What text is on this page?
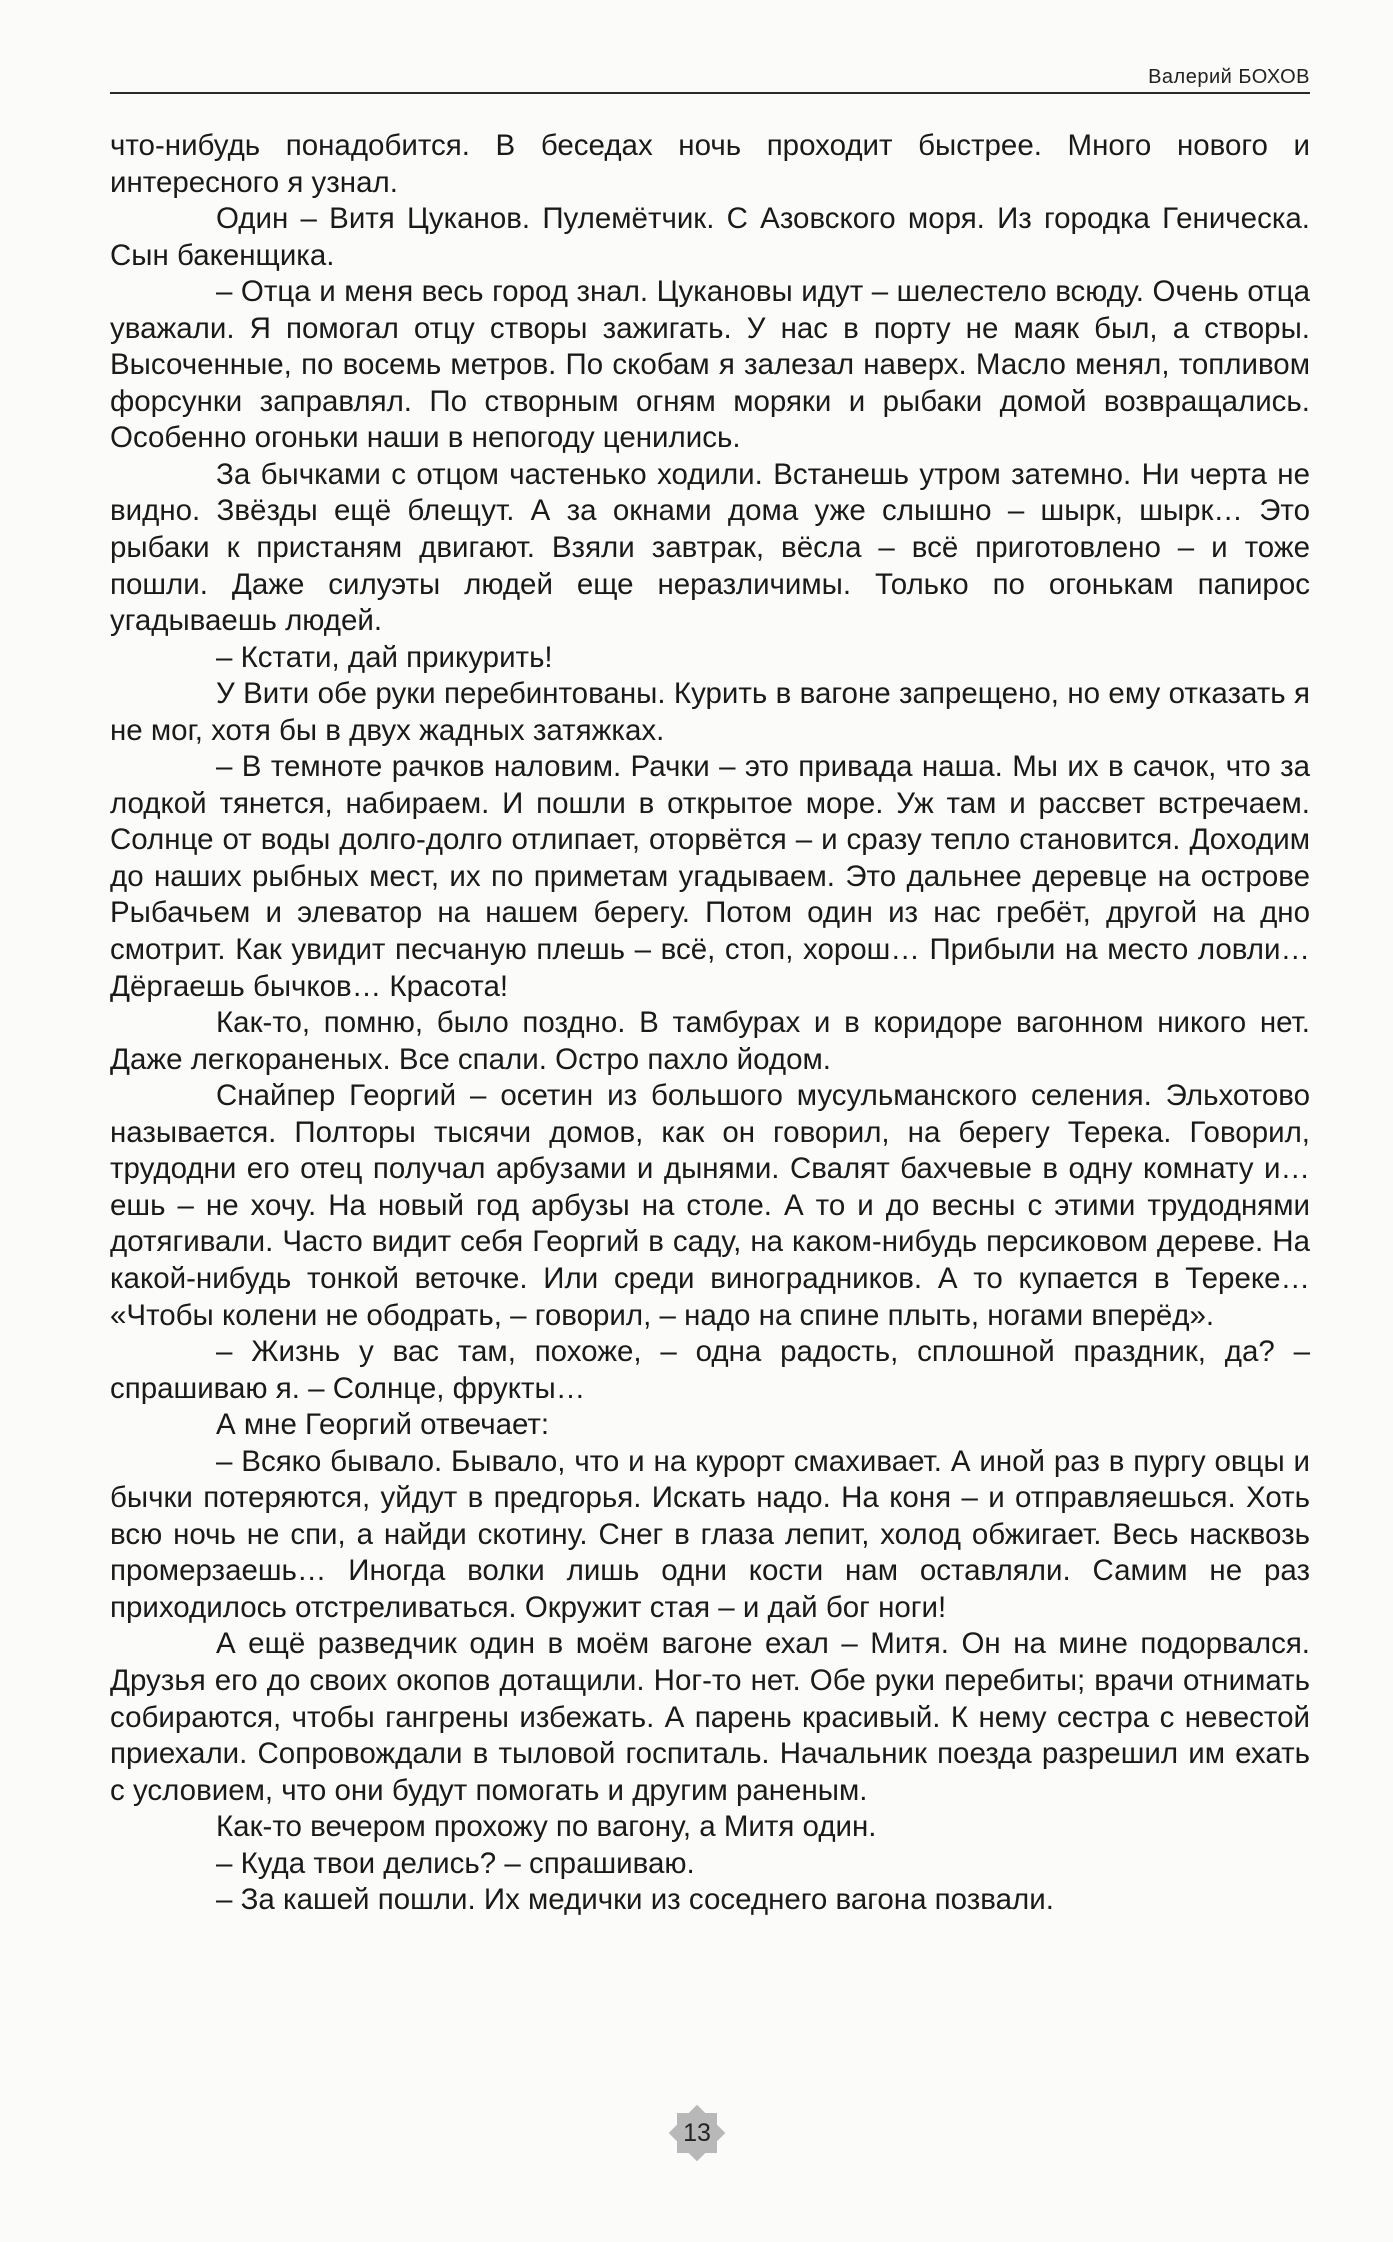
Валерий БОХОВ

что-нибудь понадобится. В беседах ночь проходит быстрее. Много нового и интересного я узнал.

Один – Витя Цуканов. Пулемётчик. С Азовского моря. Из городка Геническа. Сын бакенщика.

– Отца и меня весь город знал. Цукановы идут – шелестело всюду. Очень отца уважали. Я помогал отцу створы зажигать. У нас в порту не маяк был, а створы. Высоченные, по восемь метров. По скобам я залезал наверх. Масло менял, топливом форсунки заправлял. По створным огням моряки и рыбаки домой возвращались. Особенно огоньки наши в непогоду ценились.

За бычками с отцом частенько ходили. Встанешь утром затемно. Ни черта не видно. Звёзды ещё блещут. А за окнами дома уже слышно – шырк, шырк… Это рыбаки к пристаням двигают. Взяли завтрак, вёсла – всё приготовлено – и тоже пошли. Даже силуэты людей еще неразличимы. Только по огонькам папирос угадываешь людей.

– Кстати, дай прикурить!

У Вити обе руки перебинтованы. Курить в вагоне запрещено, но ему отказать я не мог, хотя бы в двух жадных затяжках.

– В темноте рачков наловим. Рачки – это привада наша. Мы их в сачок, что за лодкой тянется, набираем. И пошли в открытое море. Уж там и рассвет встречаем. Солнце от воды долго-долго отлипает, оторвётся – и сразу тепло становится. Доходим до наших рыбных мест, их по приметам угадываем. Это дальнее деревце на острове Рыбачьем и элеватор на нашем берегу. Потом один из нас гребёт, другой на дно смотрит. Как увидит песчаную плешь – всё, стоп, хорош… Прибыли на место ловли… Дёргаешь бычков… Красота!

Как-то, помню, было поздно. В тамбурах и в коридоре вагонном никого нет. Даже легкораненых. Все спали. Остро пахло йодом.

Снайпер Георгий – осетин из большого мусульманского селения. Эльхотово называется. Полторы тысячи домов, как он говорил, на берегу Терека. Говорил, трудодни его отец получал арбузами и дынями. Свалят бахчевые в одну комнату и… ешь – не хочу. На новый год арбузы на столе. А то и до весны с этими трудоднями дотягивали. Часто видит себя Георгий в саду, на каком-нибудь персиковом дереве. На какой-нибудь тонкой веточке. Или среди виноградников. А то купается в Тереке… «Чтобы колени не ободрать, – говорил, – надо на спине плыть, ногами вперёд».

– Жизнь у вас там, похоже, – одна радость, сплошной праздник, да? – спрашиваю я. – Солнце, фрукты…

А мне Георгий отвечает:

– Всяко бывало. Бывало, что и на курорт смахивает. А иной раз в пургу овцы и бычки потеряются, уйдут в предгорья. Искать надо. На коня – и отправляешься. Хоть всю ночь не спи, а найди скотину. Снег в глаза лепит, холод обжигает. Весь насквозь промерзаешь… Иногда волки лишь одни кости нам оставляли. Самим не раз приходилось отстреливаться. Окружит стая – и дай бог ноги!

А ещё разведчик один в моём вагоне ехал – Митя. Он на мине подорвался. Друзья его до своих окопов дотащили. Ног-то нет. Обе руки перебиты; врачи отнимать собираются, чтобы гангрены избежать. А парень красивый. К нему сестра с невестой приехали. Сопровождали в тыловой госпиталь. Начальник поезда разрешил им ехать с условием, что они будут помогать и другим раненым.

Как-то вечером прохожу по вагону, а Митя один.

– Куда твои делись? – спрашиваю.

– За кашей пошли. Их медички из соседнего вагона позвали.

13
